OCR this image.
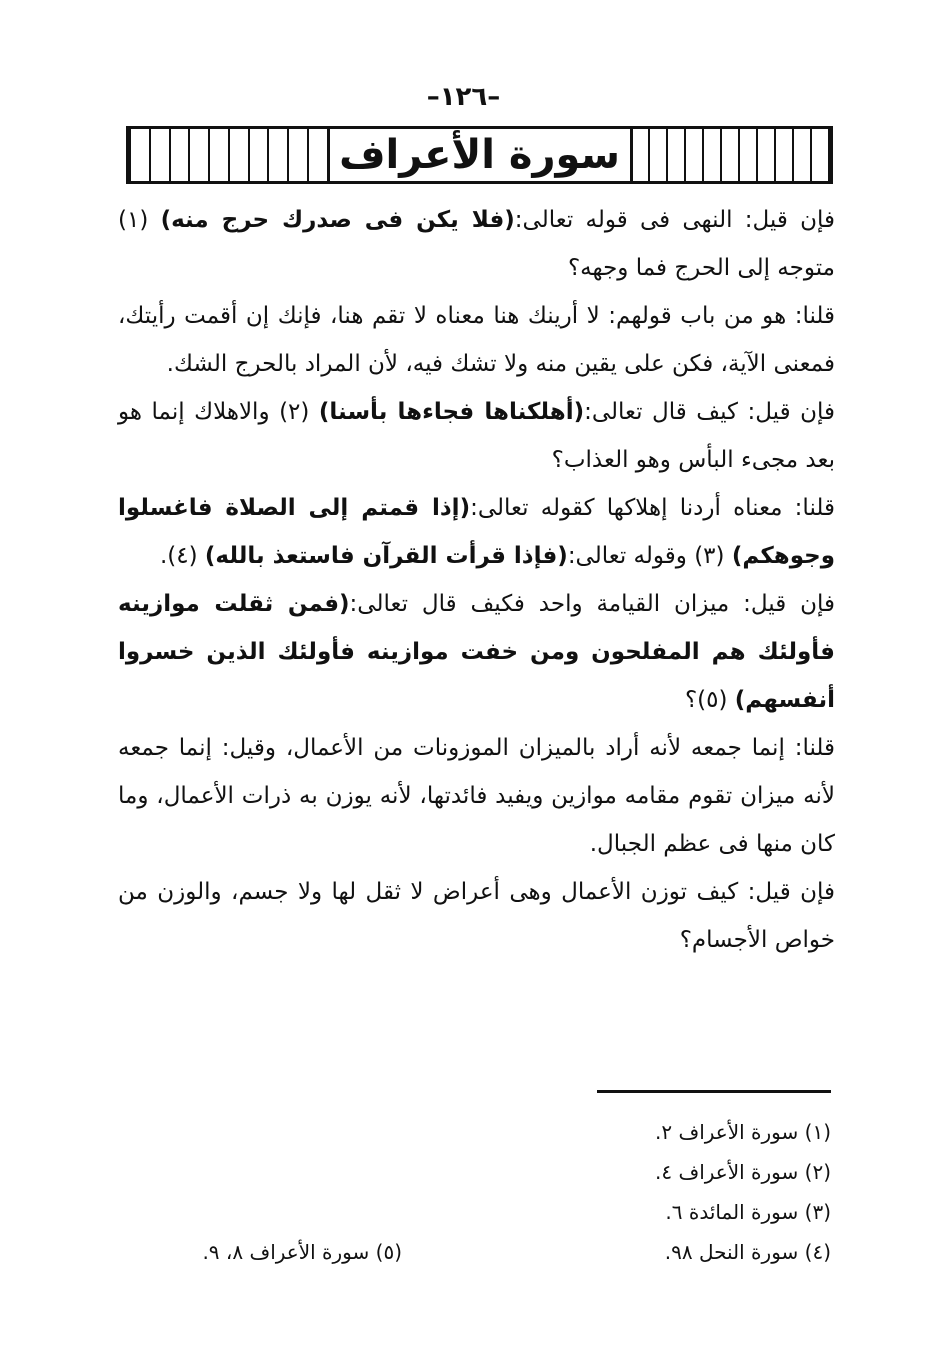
–١٢٦–
سورة الأعراف

فإن قيل: النهى فى قوله تعالى:(فلا يكن فى صدرك حرج منه) (١) متوجه إلى الحرج فما وجهه؟

قلنا: هو من باب قولهم: لا أرينك هنا معناه لا تقم هنا، فإنك إن أقمت رأيتك، فمعنى الآية، فكن على يقين منه ولا تشك فيه، لأن المراد بالحرج الشك.

فإن قيل: كيف قال تعالى:(أهلكناها فجاءها بأسنا) (٢) والاهلاك إنما هو بعد مجىء البأس وهو العذاب؟

قلنا: معناه أردنا إهلاكها كقوله تعالى:(إذا قمتم إلى الصلاة فاغسلوا وجوهكم) (٣) وقوله تعالى:(فإذا قرأت القرآن فاستعذ بالله) (٤).

فإن قيل: ميزان القيامة واحد فكيف قال تعالى:(فمن ثقلت موازينه فأولئك هم المفلحون ومن خفت موازينه فأولئك الذين خسروا أنفسهم) (٥)؟

قلنا: إنما جمعه لأنه أراد بالميزان الموزونات من الأعمال، وقيل: إنما جمعه لأنه ميزان تقوم مقامه موازين ويفيد فائدتها، لأنه يوزن به ذرات الأعمال، وما كان منها فى عظم الجبال.

فإن قيل: كيف توزن الأعمال وهى أعراض لا ثقل لها ولا جسم، والوزن من خواص الأجسام؟

(١) سورة الأعراف ٢.
(٢) سورة الأعراف ٤.
(٣) سورة المائدة ٦.
(٤) سورة النحل ٩٨.
(٥) سورة الأعراف ٨، ٩.
